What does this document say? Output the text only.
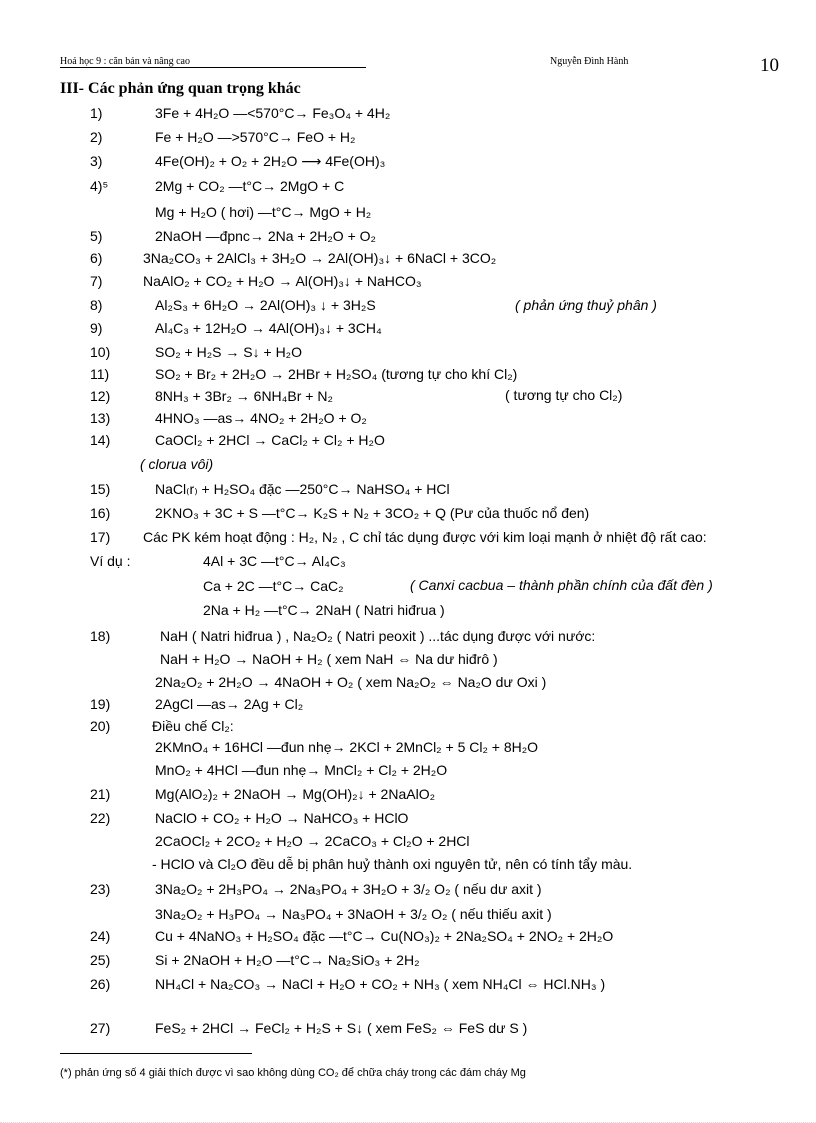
Hoá học 9 : căn bản và nâng cao	Nguyễn Đình Hành	10
III- Các phản ứng quan trọng khác
1)	3Fe + 4H₂O —<570°C→ Fe₃O₄ + 4H₂
2)	Fe + H₂O —>570°C→ FeO + H₂
3)	4Fe(OH)₂ + O₂ + 2H₂O ⟶ 4Fe(OH)₃
4)⁵	2Mg + CO₂ —t°C→ 2MgO + C
Mg + H₂O ( hơi) —t°C→ MgO + H₂
5)	2NaOH —đpnc→ 2Na + 2H₂O + O₂
6)	3Na₂CO₃ + 2AlCl₃ + 3H₂O → 2Al(OH)₃↓ + 6NaCl + 3CO₂
7)	NaAlO₂ + CO₂ + H₂O → Al(OH)₃↓ + NaHCO₃
8)	Al₂S₃ + 6H₂O → 2Al(OH)₃ ↓ + 3H₂S
9)	Al₄C₃ + 12H₂O → 4Al(OH)₃↓ + 3CH₄
10)	SO₂ + H₂S → S↓ + H₂O
11)	SO₂ + Br₂ + 2H₂O → 2HBr + H₂SO₄ (tương tự cho khí Cl₂)
12)	8NH₃ + 3Br₂ → 6NH₄Br + N₂
13)	4HNO₃ —as→ 4NO₂ + 2H₂O + O₂
14)	CaOCl₂ + 2HCl → CaCl₂ + Cl₂ + H₂O
15)	NaCl₍r₎ + H₂SO₄ đặc —250°C→ NaHSO₄ + HCl
16)	2KNO₃ + 3C + S —t°C→ K₂S + N₂ + 3CO₂ + Q (Pư của thuốc nổ đen)
17) Các PK kém hoạt động : H₂, N₂ , C chỉ tác dụng được với kim loại mạnh ở nhiệt độ rất cao:
Ví dụ :	4Al + 3C —t°C→ Al₄C₃
Ca + 2C —t°C→ CaC₂
2Na + H₂ —t°C→ 2NaH ( Natri hiđrua )
18)	NaH ( Natri hiđrua ) , Na₂O₂ ( Natri peoxit ) ...tác dụng được với nước:
NaH + H₂O → NaOH + H₂ ( xem NaH ⇔ Na dư hiđrô )
2Na₂O₂ + 2H₂O → 4NaOH + O₂ ( xem Na₂O₂ ⇔ Na₂O dư Oxi )
19)	2AgCl —as→ 2Ag + Cl₂
20)	Điều chế Cl₂:
2KMnO₄ + 16HCl —đun nhẹ→ 2KCl + 2MnCl₂ + 5 Cl₂ + 8H₂O
MnO₂ + 4HCl —đun nhẹ→ MnCl₂ + Cl₂ + 2H₂O
21)	Mg(AlO₂)₂ + 2NaOH → Mg(OH)₂↓ + 2NaAlO₂
22)	NaClO + CO₂ + H₂O → NaHCO₃ + HClO
2CaOCl₂ + 2CO₂ + H₂O → 2CaCO₃ + Cl₂O + 2HCl
- HClO và Cl₂O đều dễ bị phân huỷ thành oxi nguyên tử, nên có tính tẩy màu.
23)	3Na₂O₂ + 2H₃PO₄ → 2Na₃PO₄ + 3H₂O + 3/₂ O₂ ( nếu dư axit )
3Na₂O₂ + H₃PO₄ → Na₃PO₄ + 3NaOH + 3/₂ O₂ ( nếu thiếu axit )
24)	Cu + 4NaNO₃ + H₂SO₄ đặc —t°C→ Cu(NO₃)₂ + 2Na₂SO₄ + 2NO₂ + 2H₂O
25)	Si + 2NaOH + H₂O —t°C→ Na₂SiO₃ + 2H₂
26)	NH₄Cl + Na₂CO₃ → NaCl + H₂O + CO₂ + NH₃ ( xem NH₄Cl ⇔ HCl.NH₃ )
27)	FeS₂ + 2HCl → FeCl₂ + H₂S + S↓ ( xem FeS₂ ⇔ FeS dư S )
( phản ứng thuỷ phân )
( tương tự cho Cl₂)
( clorua vôi)
( Canxi cacbua – thành phần chính của đất đèn )
(*) phản ứng số 4 giải thích được vì sao không dùng CO₂ để chữa cháy trong các đám cháy Mg
